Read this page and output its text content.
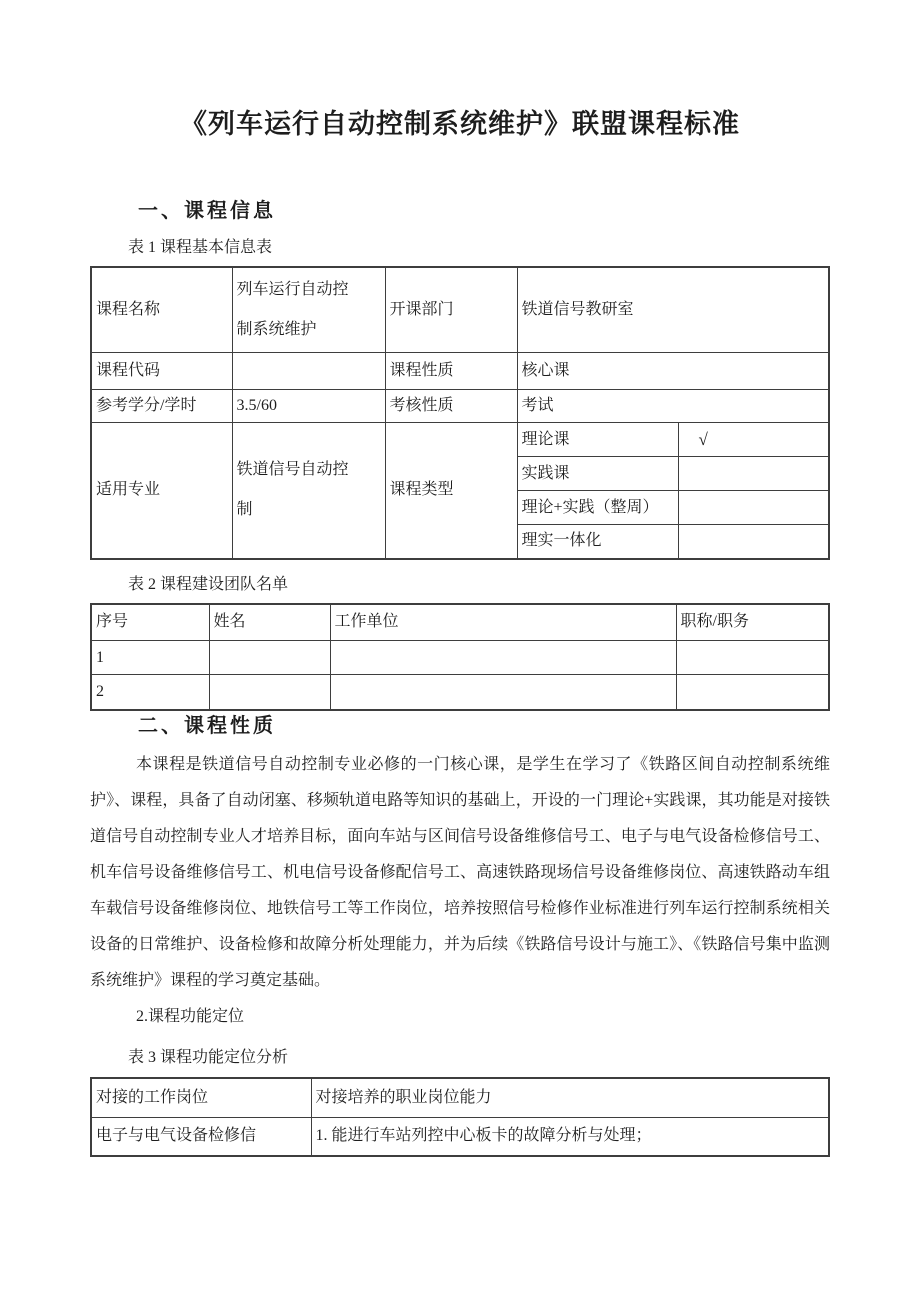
《列车运行自动控制系统维护》联盟课程标准
一、课程信息
表 1 课程基本信息表
课程名称	列车运行自动控制系统维护	开课部门	铁道信号教研室	
课程代码		课程性质	核心课	
参考学分/学时	3.5/60	考核性质	考试	
适用专业	铁道信号自动控制	课程类型	理论课	√
			实践课	
			理论+实践（整周）	
			理实一体化	
表 2 课程建设团队名单
序号	姓名	工作单位	职称/职务
1			
2			
二、课程性质

本课程是铁道信号自动控制专业必修的一门核心课，是学生在学习了《铁路区间自动控制系统维护》、课程，具备了自动闭塞、移频轨道电路等知识的基础上，开设的一门理论+实践课，其功能是对接铁道信号自动控制专业人才培养目标，面向车站与区间信号设备维修信号工、电子与电气设备检修信号工、机车信号设备维修信号工、机电信号设备修配信号工、高速铁路现场信号设备维修岗位、高速铁路动车组车载信号设备维修岗位、地铁信号工等工作岗位，培养按照信号检修作业标准进行列车运行控制系统相关设备的日常维护、设备检修和故障分析处理能力，并为后续《铁路信号设计与施工》、《铁路信号集中监测系统维护》课程的学习奠定基础。

2.课程功能定位

表 3 课程功能定位分析
对接的工作岗位	对接培养的职业岗位能力
电子与电气设备检修信	1. 能进行车站列控中心板卡的故障分析与处理；
